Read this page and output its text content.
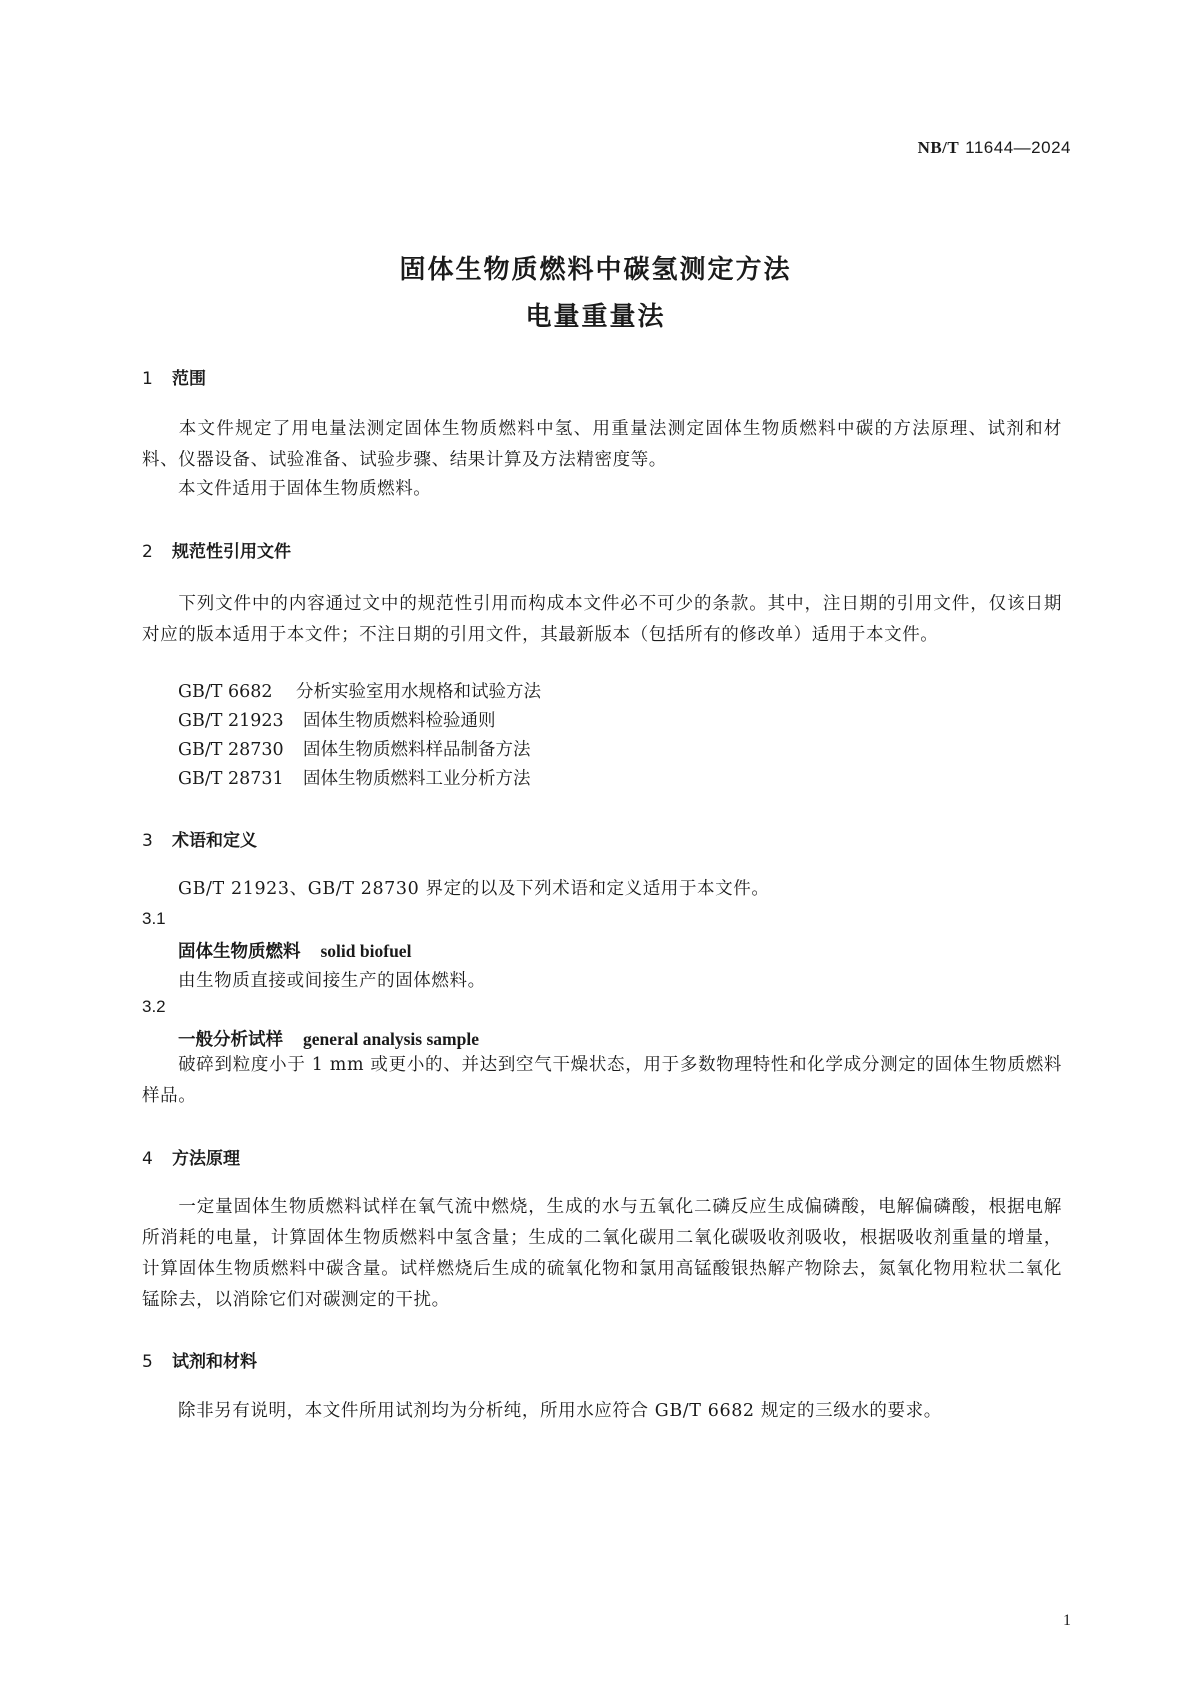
NB/T 11644—2024
固体生物质燃料中碳氢测定方法
电量重量法
1 范围
本文件规定了用电量法测定固体生物质燃料中氢、用重量法测定固体生物质燃料中碳的方法原理、试剂和材料、仪器设备、试验准备、试验步骤、结果计算及方法精密度等。
本文件适用于固体生物质燃料。
2 规范性引用文件
下列文件中的内容通过文中的规范性引用而构成本文件必不可少的条款。其中，注日期的引用文件，仅该日期对应的版本适用于本文件；不注日期的引用文件，其最新版本（包括所有的修改单）适用于本文件。
GB/T 6682 分析实验室用水规格和试验方法
GB/T 21923 固体生物质燃料检验通则
GB/T 28730 固体生物质燃料样品制备方法
GB/T 28731 固体生物质燃料工业分析方法
3 术语和定义
GB/T 21923、GB/T 28730 界定的以及下列术语和定义适用于本文件。
3.1
固体生物质燃料 solid biofuel
由生物质直接或间接生产的固体燃料。
3.2
一般分析试样 general analysis sample
破碎到粒度小于 1 mm 或更小的、并达到空气干燥状态，用于多数物理特性和化学成分测定的固体生物质燃料样品。
4 方法原理
一定量固体生物质燃料试样在氧气流中燃烧，生成的水与五氧化二磷反应生成偏磷酸，电解偏磷酸，根据电解所消耗的电量，计算固体生物质燃料中氢含量；生成的二氧化碳用二氧化碳吸收剂吸收，根据吸收剂重量的增量，计算固体生物质燃料中碳含量。试样燃烧后生成的硫氧化物和氯用高锰酸银热解产物除去，氮氧化物用粒状二氧化锰除去，以消除它们对碳测定的干扰。
5 试剂和材料
除非另有说明，本文件所用试剂均为分析纯，所用水应符合 GB/T 6682 规定的三级水的要求。
1
